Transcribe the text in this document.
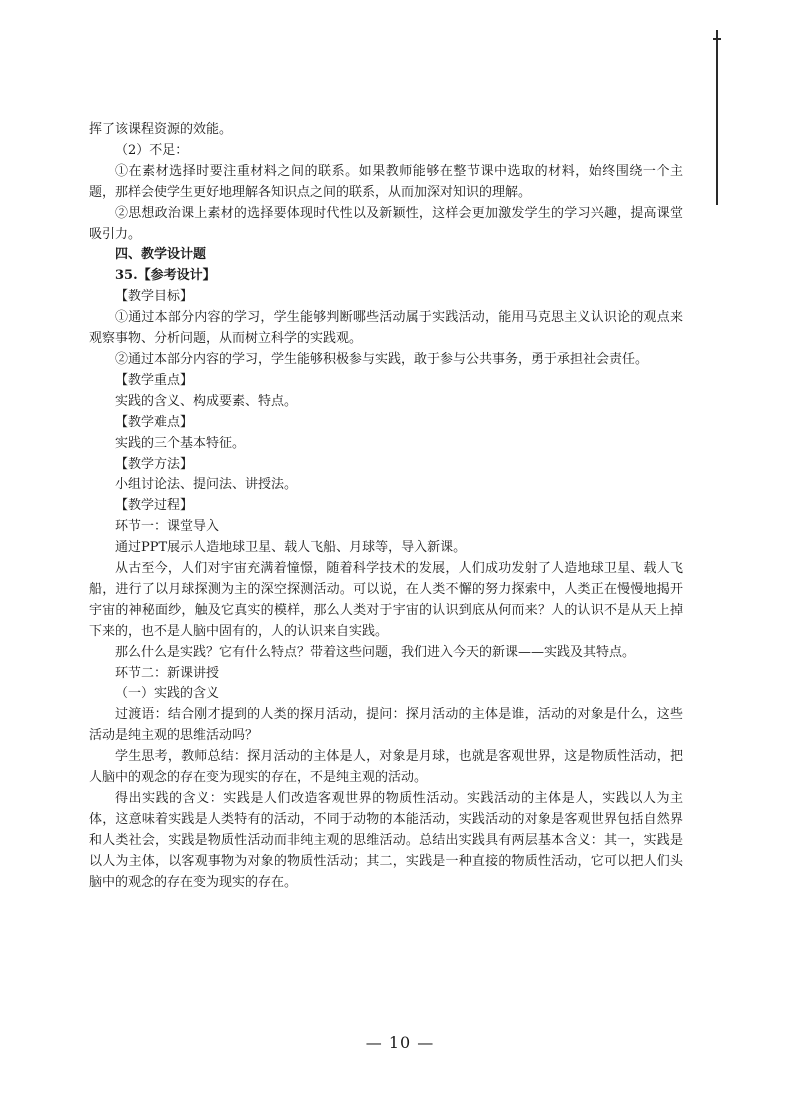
挥了该课程资源的效能。

（2）不足：

①在素材选择时要注重材料之间的联系。如果教师能够在整节课中选取的材料，始终围绕一个主题，那样会使学生更好地理解各知识点之间的联系，从而加深对知识的理解。

②思想政治课上素材的选择要体现时代性以及新颖性，这样会更加激发学生的学习兴趣，提高课堂吸引力。

四、教学设计题

35.【参考设计】

【教学目标】

①通过本部分内容的学习，学生能够判断哪些活动属于实践活动，能用马克思主义认识论的观点来观察事物、分析问题，从而树立科学的实践观。

②通过本部分内容的学习，学生能够积极参与实践，敢于参与公共事务，勇于承担社会责任。

【教学重点】

实践的含义、构成要素、特点。

【教学难点】

实践的三个基本特征。

【教学方法】

小组讨论法、提问法、讲授法。

【教学过程】

环节一：课堂导入

通过PPT展示人造地球卫星、载人飞船、月球等，导入新课。

从古至今，人们对宇宙充满着憧憬，随着科学技术的发展，人们成功发射了人造地球卫星、载人飞船，进行了以月球探测为主的深空探测活动。可以说，在人类不懈的努力探索中，人类正在慢慢地揭开宇宙的神秘面纱，触及它真实的模样，那么人类对于宇宙的认识到底从何而来？人的认识不是从天上掉下来的，也不是人脑中固有的，人的认识来自实践。

那么什么是实践？它有什么特点？带着这些问题，我们进入今天的新课——实践及其特点。

环节二：新课讲授

（一）实践的含义

过渡语：结合刚才提到的人类的探月活动，提问：探月活动的主体是谁，活动的对象是什么，这些活动是纯主观的思维活动吗？

学生思考，教师总结：探月活动的主体是人，对象是月球，也就是客观世界，这是物质性活动，把人脑中的观念的存在变为现实的存在，不是纯主观的活动。

得出实践的含义：实践是人们改造客观世界的物质性活动。实践活动的主体是人，实践以人为主体，这意味着实践是人类特有的活动，不同于动物的本能活动，实践活动的对象是客观世界包括自然界和人类社会，实践是物质性活动而非纯主观的思维活动。总结出实践具有两层基本含义：其一，实践是以人为主体，以客观事物为对象的物质性活动；其二，实践是一种直接的物质性活动，它可以把人们头脑中的观念的存在变为现实的存在。

— 10 —
